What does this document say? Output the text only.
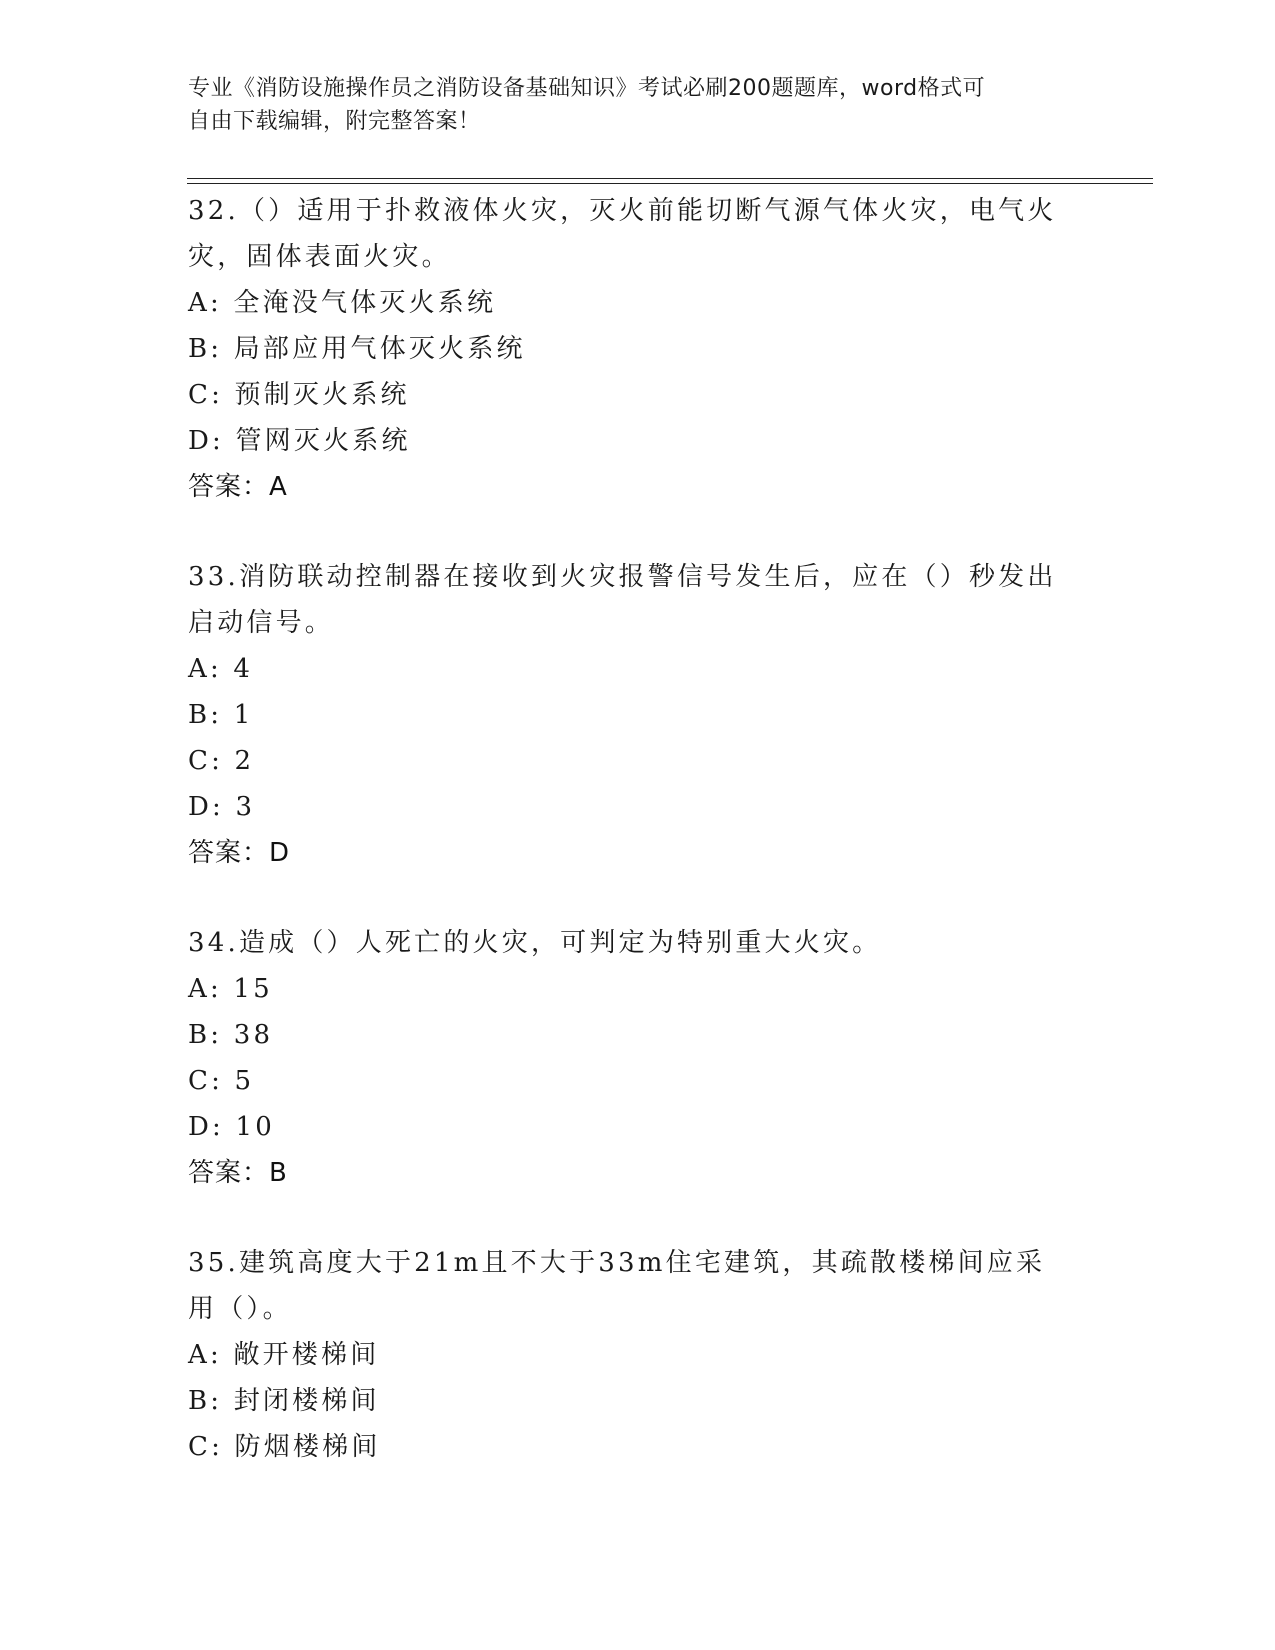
专业《消防设施操作员之消防设备基础知识》考试必刷200题题库，word格式可
自由下载编辑，附完整答案！
32.（）适用于扑救液体火灾，灭火前能切断气源气体火灾，电气火灾，固体表面火灾。
A: 全淹没气体灭火系统
B: 局部应用气体灭火系统
C: 预制灭火系统
D: 管网灭火系统
答案：A
33.消防联动控制器在接收到火灾报警信号发生后，应在（）秒发出启动信号。
A: 4
B: 1
C: 2
D: 3
答案：D
34.造成（）人死亡的火灾，可判定为特别重大火灾。
A: 15
B: 38
C: 5
D: 10
答案：B
35.建筑高度大于21m且不大于33m住宅建筑，其疏散楼梯间应采用（）。
A: 敞开楼梯间
B: 封闭楼梯间
C: 防烟楼梯间
